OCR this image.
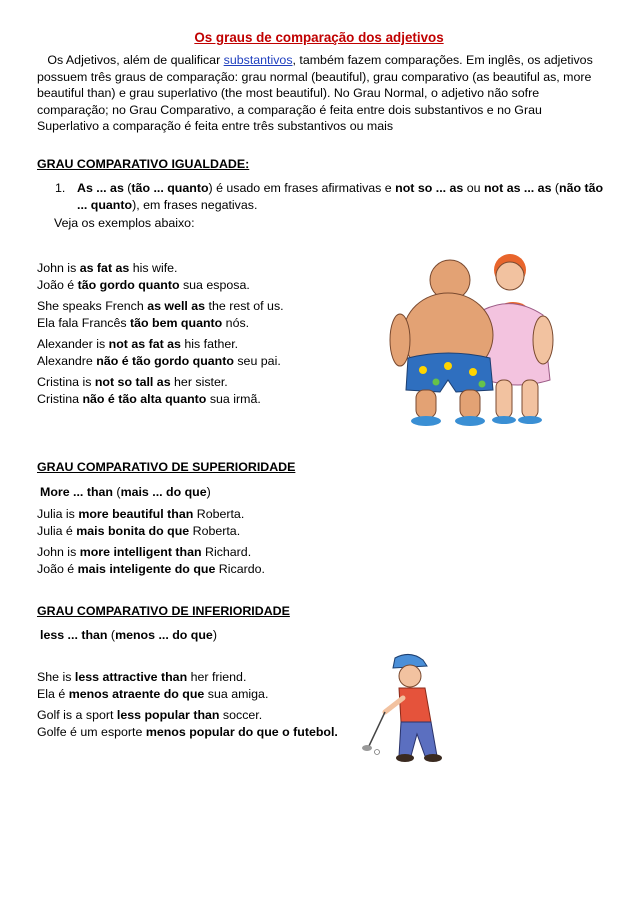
Os graus de comparação dos adjetivos
Os Adjetivos, além de qualificar substantivos, também fazem comparações. Em inglês, os adjetivos possuem três graus de comparação: grau normal (beautiful), grau comparativo (as beautiful as, more beautiful than) e grau superlativo (the most beautiful). No Grau Normal, o adjetivo não sofre comparação; no Grau Comparativo, a comparação é feita entre dois substantivos e no Grau Superlativo a comparação é feita entre três substantivos ou mais
GRAU COMPARATIVO IGUALDADE:
1. As ... as (tão ... quanto) é usado em frases afirmativas e not so ... as ou not as ... as (não tão ... quanto), em frases negativas.
Veja os exemplos abaixo:
John is as fat as his wife.
João é tão gordo quanto sua esposa.
She speaks French as well as the rest of us.
Ela fala Francês tão bem quanto nós.
Alexander is not as fat as his father.
Alexandre não é tão gordo quanto seu pai.
Cristina is not so tall as her sister.
Cristina não é tão alta quanto sua irmã.
GRAU COMPARATIVO DE SUPERIORIDADE
More ... than (mais ... do que)
Julia is more beautiful than Roberta.
Julia é mais bonita do que Roberta.
John is more intelligent than Richard.
João é mais inteligente do que Ricardo.
GRAU COMPARATIVO DE INFERIORIDADE
less ... than (menos ... do que)
She is less attractive than her friend.
Ela é menos atraente do que sua amiga.
Golf is a sport less popular than soccer.
Golfe é um esporte menos popular do que o futebol.
